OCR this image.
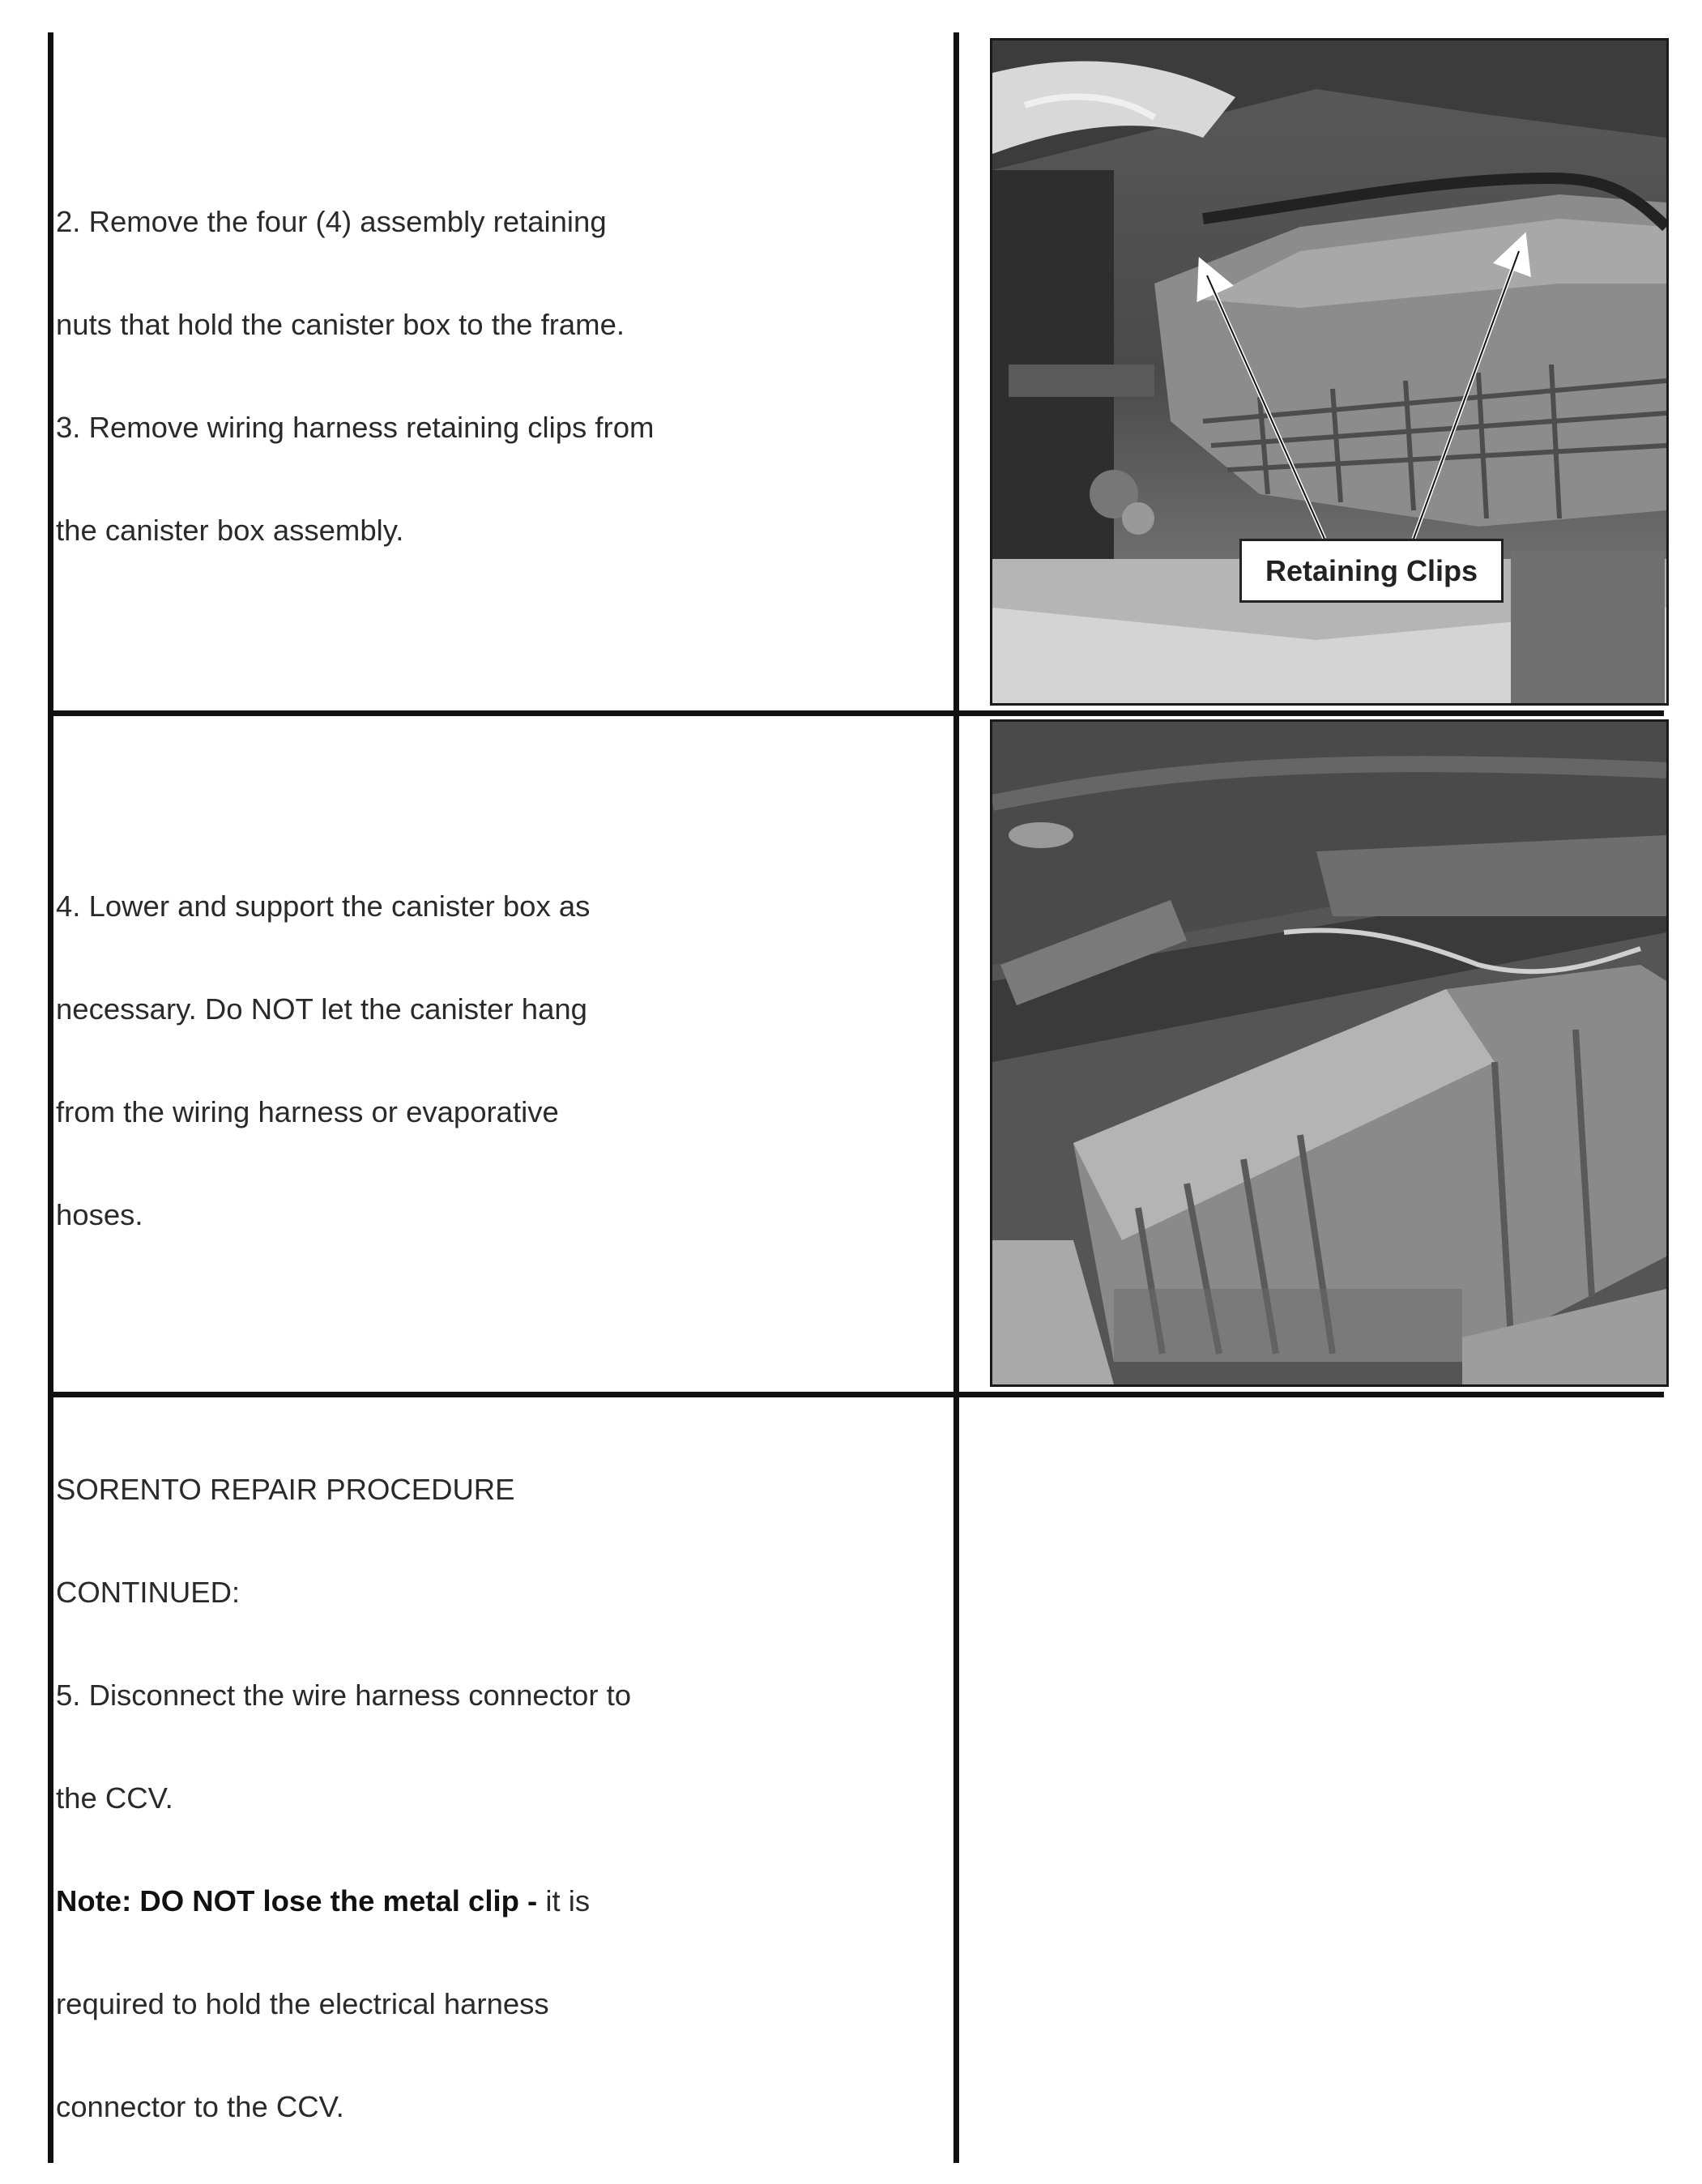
2. Remove the four (4) assembly retaining
nuts that hold the canister box to the frame.
3. Remove wiring harness retaining clips from
the canister box assembly.
Retaining Clips
4. Lower and support the canister box as
necessary. Do NOT let the canister hang
from the wiring harness or evaporative
hoses.
SORENTO REPAIR PROCEDURE
CONTINUED:
5. Disconnect the wire harness connector to
the CCV.
Note: DO NOT lose the metal clip - it is
required to hold the electrical harness
connector to the CCV.
